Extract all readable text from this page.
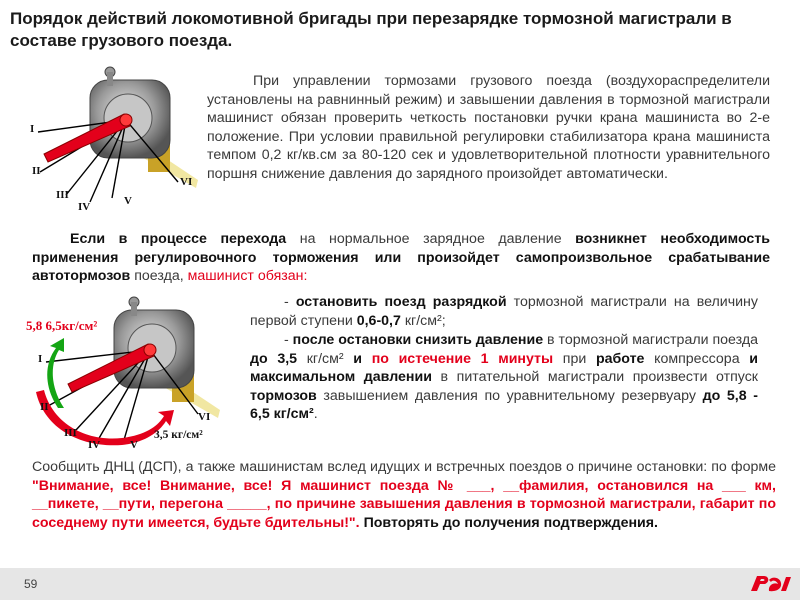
Порядок действий локомотивной бригады при перезарядке тормозной магистрали в составе грузового поезда.
I
II
III
IV	V
VI

При управлении тормозами грузового поезда (воздухораспределители установлены на равнинный режим) и завышении давления в тормозной магистрали машинист обязан проверить четкость постановки ручки крана машиниста во 2-е положение. При условии правильной регулировки стабилизатора крана машиниста темпом 0,2 кг/кв.см за 80-120 сек и удовлетворительной плотности уравнительного поршня снижение давления до зарядного произойдет автоматически.

Если в процессе перехода на нормальное зарядное давление возникнет необходимость применения регулировочного торможения или произойдет самопроизвольное срабатывание автотормозов поезда, машинист обязан:

I
II
III
IV	V
VI
5,8 6,5кг/см²
3,5 кг/см²

- остановить поезд разрядкой тормозной магистрали на величину первой ступени 0,6-0,7 кг/см²;

- после остановки снизить давление в тормозной магистрали поезда до 3,5 кг/см² и по истечение 1 минуты при работе компрессора и максимальном давлении в питательной магистрали произвести отпуск тормозов завышением давления по уравнительному резервуару до 5,8 - 6,5 кг/см².

Сообщить ДНЦ (ДСП), а также машинистам вслед идущих и встречных поездов о причине остановки: по форме "Внимание, все! Внимание, все! Я машинист поезда № ___, __фамилия, остановился на ___ км, __пикете, __пути, перегона _____, по причине завышения давления в тормозной магистрали, габарит по соседнему пути имеется, будьте бдительны!". Повторять до получения подтверждения.

59
